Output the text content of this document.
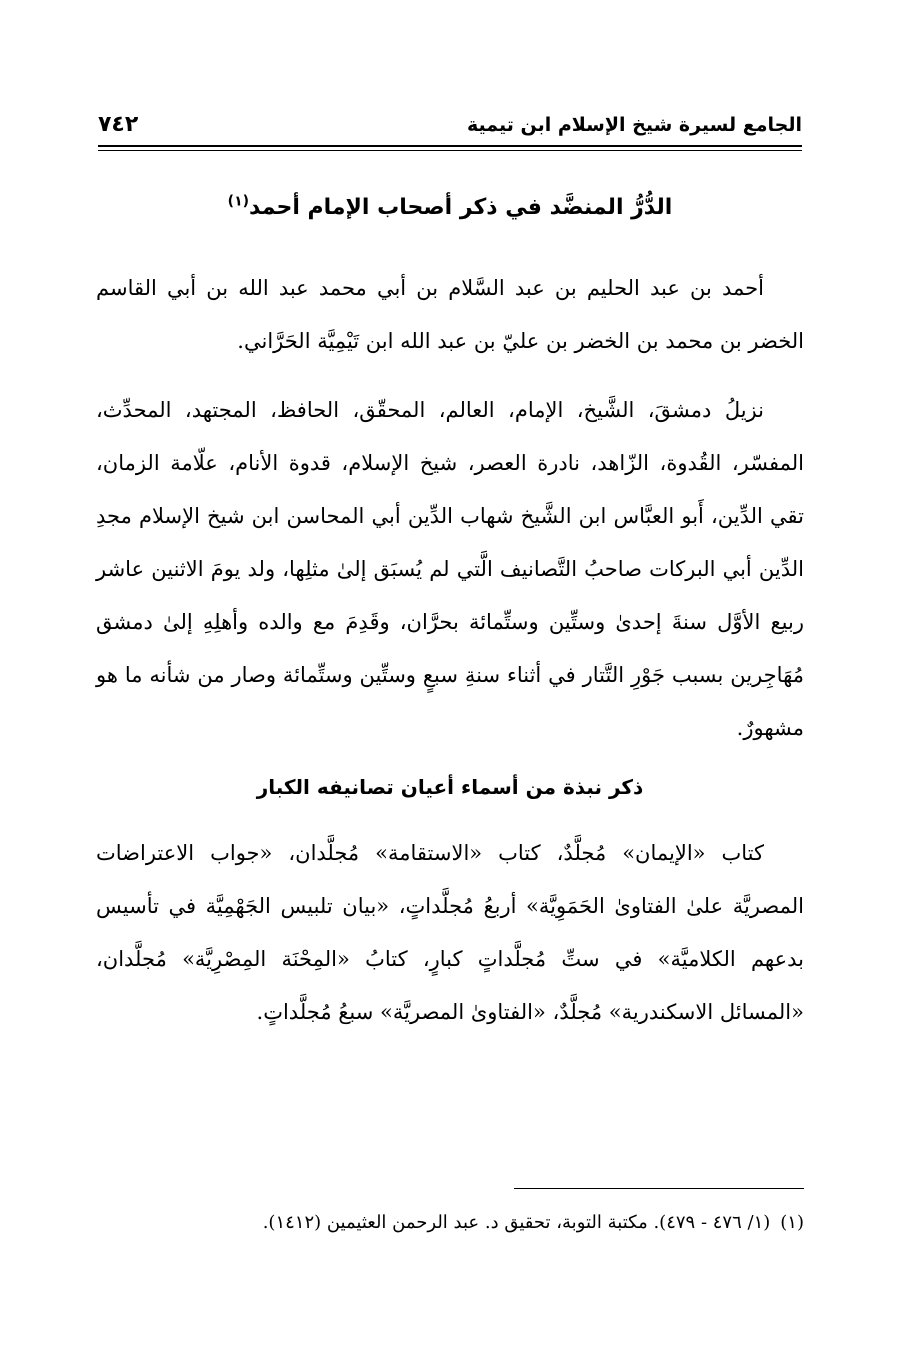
الجامع لسيرة شيخ الإسلام ابن تيمية
٧٤٢
الدُّرُّ المنضَّد في ذكر أصحاب الإمام أحمد$^{(١)}$

أحمد بن عبد الحليم بن عبد السَّلام بن أبي محمد عبد الله بن أبي القاسم الخضر بن محمد بن الخضر بن عليّ بن عبد الله ابن تَيْمِيَّة الحَرَّاني.

نزيلُ دمشقَ، الشَّيخ، الإمام، العالم، المحقّق، الحافظ، المجتهد، المحدِّث، المفسّر، القُدوة، الزّاهد، نادرة العصر، شيخ الإسلام، قدوة الأنام، علّامة الزمان، تقي الدِّين، أَبو العبَّاس ابن الشَّيخ شهاب الدِّين أبي المحاسن ابن شيخ الإسلام مجدِ الدِّين أبي البركات صاحبُ التَّصانيف الَّتي لم يُسبَق إلىٰ مثلِها، ولد يومَ الاثنين عاشر ربيع الأوَّل سنةَ إحدىٰ وستِّين وستِّمائة بحرَّان، وقَدِمَ مع والده وأهلِهِ إلىٰ دمشق مُهَاجِرين بسبب جَوْرِ التَّتار في أثناء سنةِ سبعٍ وستِّين وستِّمائة وصار من شأنه ما هو مشهورٌ.

ذكر نبذة من أسماء أعيان تصانيفه الكبار

كتاب «الإيمان» مُجلَّدٌ، كتاب «الاستقامة» مُجلَّدان، «جواب الاعتراضات المصريَّة علىٰ الفتاوىٰ الحَمَوِيَّة» أربعُ مُجلَّداتٍ، «بيان تلبيس الجَهْمِيَّة في تأسيس بدعهم الكلاميَّة» في ستِّ مُجلَّداتٍ كبارٍ، كتابُ «المِحْنَة المِصْرِيَّة» مُجلَّدان، «المسائل الاسكندرية» مُجلَّدٌ، «الفتاوىٰ المصريَّة» سبعُ مُجلَّداتٍ.

(١)(١/ ٤٧٦ - ٤٧٩). مكتبة التوبة، تحقيق د. عبد الرحمن العثيمين (١٤١٢).
